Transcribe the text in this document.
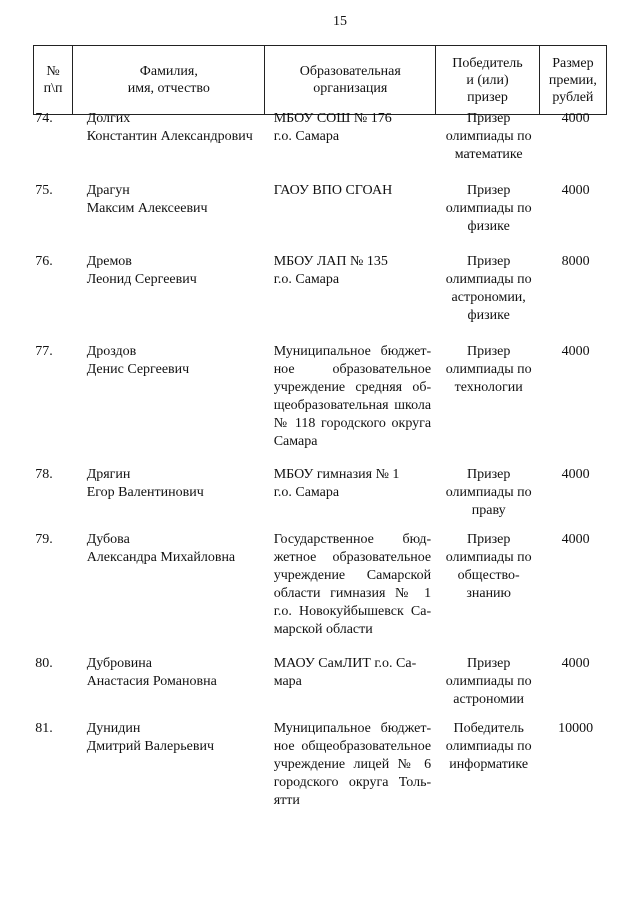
15
№
п\п
Фамилия,
имя, отчество
Образовательная
организация
Победитель
и (или)
призер
Размер
премии,
рублей
74. Долгих
Константин Александрович
МБОУ СОШ № 176
г.о. Самара
Призер
олимпиады по
математике
4000
75. Драгун
Максим Алексеевич
ГАОУ ВПО СГОАН	Призер
олимпиады по
физике
4000
76. Дремов
Леонид Сергеевич
МБОУ ЛАП № 135
г.о. Самара
Призер
олимпиады по
астрономии,
физике
8000
77. Дроздов
Денис Сергеевич
Муниципальное бюджет-
ное образовательное
учреждение средняя об-
щеобразовательная школа
№ 118 городского округа
Самара
Призер
олимпиады по
технологии
4000
78. Дрягин
Егор Валентинович
МБОУ гимназия № 1
г.о. Самара
Призер
олимпиады по
праву
4000
79. Дубова
Александра Михайловна
Государственное бюд-
жетное образовательное
учреждение Самарской
области гимназия № 1
г.о. Новокуйбышевск Са-
марской области
Призер
олимпиады по
общество-
знанию
4000
80. Дубровина
Анастасия Романовна
МАОУ СамЛИТ г.о. Са-
мара
Призер
олимпиады по
астрономии
4000
81. Дунидин
Дмитрий Валерьевич
Муниципальное бюджет-
ное общеобразовательное
учреждение лицей № 6
городского округа Толь-
ятти
Победитель
олимпиады по
информатике
10000
